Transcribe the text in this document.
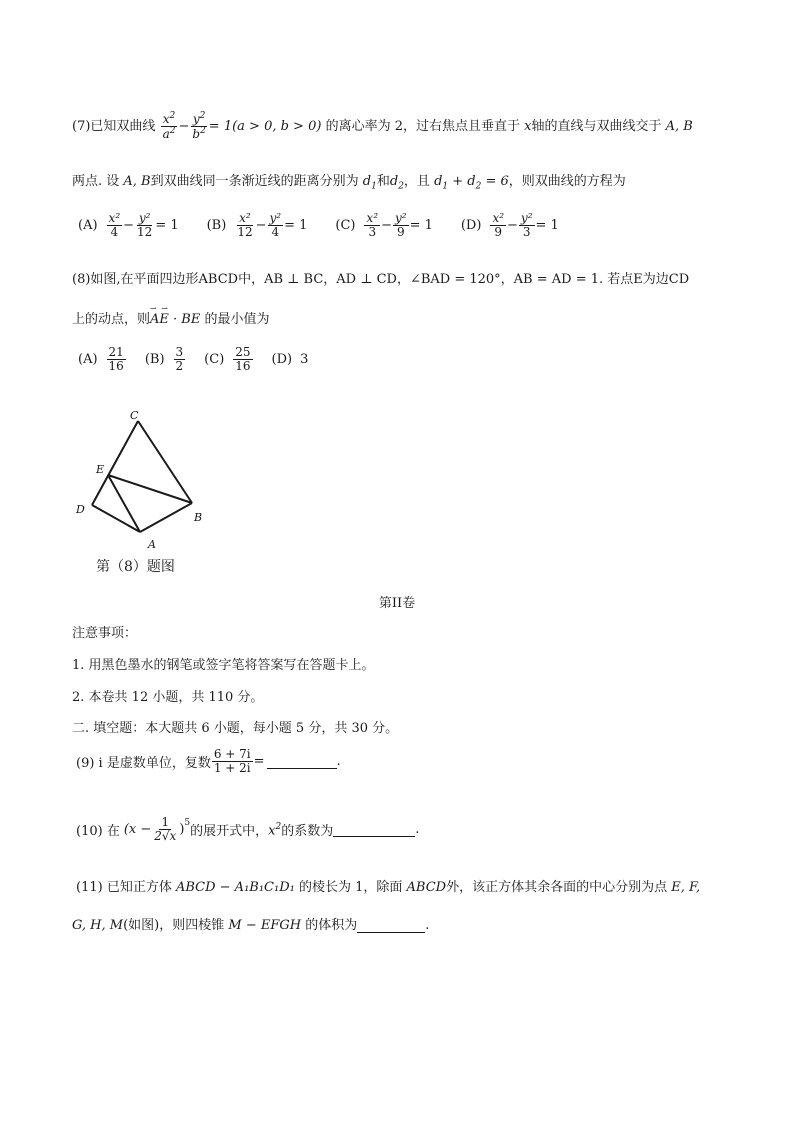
(7)已知双曲线 $\frac{x^2}{a^2} - \frac{y^2}{b^2} = 1(a > 0$, b > 0) 的离心率为 2，过右焦点且垂直于 x轴的直线与双曲线交于 A, B
两点. 设 A, B到双曲线同一条渐近线的距离分别为 $d_1$和$d_2$，且 $d_1 + d_2 = 6$，则双曲线的方程为
$(A) \frac{\text{x²}}{4} - \frac{\text{y²}}{12} = 1$ $(B) \frac{\text{x²}}{12} - \frac{\text{y²}}{4} = 1$ $(C) \frac{\text{x²}}{3} - \frac{\text{y²}}{9} = 1$ $(D) \frac{\text{x²}}{9} - \frac{\text{y²}}{3} = 1$
(8)如图,在平面四边形ABCD中，AB ⊥ BC，AD ⊥ CD，∠BAD = 120°，AB = AD = 1. 若点E为边CD
上的动点，则
⇀ ⇀
AE · BE 的最小值为
$(A) \frac{21}{16} (B) \frac{3}{2} (C) \frac{25}{16} (D)$ 3
C
E
D
A
B
第（8）题图
第II卷
注意事项：
1. 用黑色墨水的钢笔或签字笔将答案写在答题卡上。
2. 本卷共 12 小题，共 110 分。
二. 填空题：本大题共 6 小题，每小题 5 分，共 30 分。
(9) i 是虚数单位，复数 $\frac{6 + 7i}{1 + 2i}$ =	.
(10) 在 $(x - \frac{1}{2√x} )^5$
的展开式中， $x^2$ 的系数为	.
(11) 已知正方体 ABCD − A₁B₁C₁D₁ 的棱长为 1，除面 ABCD外，该正方体其余各面的中心分别为点 E, F,
G, H, M(如图)，则四棱锥 M − EFGH 的体积为	.
